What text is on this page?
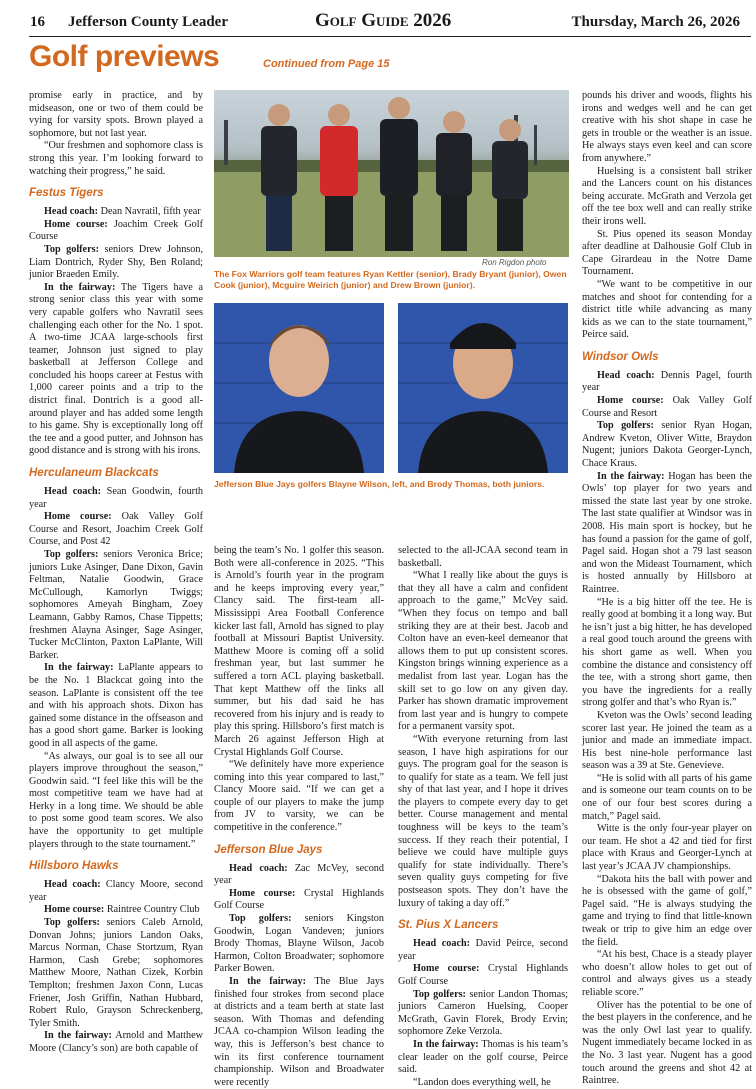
16 Jefferson County Leader	Golf Guide 2026	Thursday, March 26, 2026
Golf previews	Continued from Page 15

promise early in practice, and by midseason, one or two of them could be vying for varsity spots. Brown played a sophomore, but not last year.

“Our freshmen and sophomore class is strong this year. I’m looking forward to watching their progress,” he said.

Festus Tigers

Head coach: Dean Navratil, fifth year

Home course: Joachim Creek Golf Course

Top golfers: seniors Drew Johnson, Liam Dontrich, Ryder Shy, Ben Roland; junior Braeden Emily.

In the fairway: The Tigers have a strong senior class this year with some very capable golfers who Navratil sees challenging each other for the No. 1 spot. A two-time JCAA large-schools first teamer, Johnson just signed to play basketball at Jefferson College and concluded his hoops career at Festus with 1,000 career points and a trip to the district final. Dontrich is a good all-around player and has added some length to his game. Shy is exceptionally long off the tee and a good putter, and Johnson has good distance and is strong with his irons.

Herculaneum Blackcats

Head coach: Sean Goodwin, fourth year

Home course: Oak Valley Golf Course and Resort, Joachim Creek Golf Course, and Post 42

Top golfers: seniors Veronica Brice; juniors Luke Asinger, Dane Dixon, Gavin Feltman, Natalie Goodwin, Grace McCullough, Kamorlyn Twiggs; sophomores Ameyah Bingham, Zoey Leamann, Gabby Ramos, Chase Tippetts; freshmen Alayna Asinger, Sage Asinger, Tucker McClinton, Paxton LaPlante, Will Barker.

In the fairway: LaPlante appears to be the No. 1 Blackcat going into the season. LaPlante is consistent off the tee and with his approach shots. Dixon has gained some distance in the offseason and has a good short game. Barker is looking good in all aspects of the game.

“As always, our goal is to see all our players improve throughout the season,” Goodwin said. “I feel like this will be the most competitive team we have had at Herky in a long time. We should be able to post some good team scores. We also have the opportunity to get multiple players through to the state tournament.”

Hillsboro Hawks

Head coach: Clancy Moore, second year

Home course: Raintree Country Club

Top golfers: seniors Caleb Arnold, Donvan Johns; juniors Landon Oaks, Marcus Norman, Chase Stortzum, Ryan Harmon, Cash Grebe; sophomores Matthew Moore, Nathan Cizek, Korbin Templton; freshmen Jaxon Conn, Lucas Friener, Josh Griffin, Nathan Hubbard, Robert Rulo, Grayson Schreckenberg, Tyler Smith.

In the fairway: Arnold and Matthew Moore (Clancy’s son) are both capable of

Ron Rigdon photo
The Fox Warriors golf team features Ryan Kettler (senior), Brady Bryant (junior), Owen Cook (junior), Mcguire Weirich (junior) and Drew Brown (junior).
Jefferson Blue Jays golfers Blayne Wilson, left, and Brody Thomas, both juniors.

being the team’s No. 1 golfer this season. Both were all-conference in 2025. “This is Arnold’s fourth year in the program and he keeps improving every year,” Clancy said. The first-team all-Mississippi Area Football Conference kicker last fall, Arnold has signed to play football at Missouri Baptist University. Matthew Moore is coming off a solid freshman year, but last summer he suffered a torn ACL playing basketball. That kept Matthew off the links all summer, but his dad said he has recovered from his injury and is ready to play this spring. Hillsboro’s first match is March 26 against Jefferson High at Crystal Highlands Golf Course.

“We definitely have more experience coming into this year compared to last,” Clancy Moore said. “If we can get a couple of our players to make the jump from JV to varsity, we can be competitive in the conference.”

Jefferson Blue Jays

Head coach: Zac McVey, second year

Home course: Crystal Highlands Golf Course

Top golfers: seniors Kingston Goodwin, Logan Vandeven; juniors Brody Thomas, Blayne Wilson, Jacob Harmon, Colton Broadwater; sophomore Parker Bowen.

In the fairway: The Blue Jays finished four strokes from second place at districts and a team berth at state last season. With Thomas and defending JCAA co-champion Wilson leading the way, this is Jefferson’s best chance to win its first conference tournament championship. Wilson and Broadwater were recently

selected to the all-JCAA second team in basketball.

“What I really like about the guys is that they all have a calm and confident approach to the game,” McVey said. “When they focus on tempo and ball striking they are at their best. Jacob and Colton have an even-keel demeanor that allows them to put up consistent scores. Kingston brings winning experience as a medalist from last year. Logan has the skill set to go low on any given day. Parker has shown dramatic improvement from last year and is hungry to compete for a permanent varsity spot.

“With everyone returning from last season, I have high aspirations for our guys. The program goal for the season is to qualify for state as a team. We fell just shy of that last year, and I hope it drives the players to compete every day to get better. Course management and mental toughness will be keys to the team’s success. If they reach their potential, I believe we could have multiple guys qualify for state individually. There’s seven quality guys competing for five postseason spots. They don’t have the luxury of taking a day off.”

St. Pius X Lancers

Head coach: David Peirce, second year

Home course: Crystal Highlands Golf Course

Top golfers: senior Landon Thomas; juniors Cameron Huelsing, Cooper McGrath, Gavin Florek, Brody Ervin; sophomore Zeke Verzola.

In the fairway: Thomas is his team’s clear leader on the golf course, Peirce said.

“Landon does everything well, he

pounds his driver and woods, flights his irons and wedges well and he can get creative with his shot shape in case he gets in trouble or the weather is an issue. He always stays even keel and can score from anywhere.”

Huelsing is a consistent ball striker and the Lancers count on his distances being accurate. McGrath and Verzola get off the tee box well and can really strike their irons well.

St. Pius opened its season Monday after deadline at Dalhousie Golf Club in Cape Girardeau in the Notre Dame Tournament.

“We want to be competitive in our matches and shoot for contending for a district title while advancing as many kids as we can to the state tournament,” Peirce said.

Windsor Owls

Head coach: Dennis Pagel, fourth year

Home course: Oak Valley Golf Course and Resort

Top golfers: senior Ryan Hogan, Andrew Kveton, Oliver Witte, Braydon Nugent; juniors Dakota Georger-Lynch, Chace Kraus.

In the fairway: Hogan has been the Owls’ top player for two years and missed the state last year by one stroke. The last state qualifier at Windsor was in 2008. His main sport is hockey, but he has found a passion for the game of golf, Pagel said. Hogan shot a 79 last season and won the Mideast Tournament, which is hosted annually by Hillsboro at Raintree.

“He is a big hitter off the tee. He is really good at bombing it a long way. But he isn’t just a big hitter, he has developed a real good touch around the greens with his short game as well. When you combine the distance and consistency off the tee, with a strong short game, then you have the ingredients for a really strong golfer and that’s who Ryan is.”

Kveton was the Owls’ second leading scorer last year. He joined the team as a junior and made an immediate impact. His best nine-hole performance last season was a 39 at Ste. Genevieve.

“He is solid with all parts of his game and is someone our team counts on to be one of our four best scores during a match,” Pagel said.

Witte is the only four-year player on our team. He shot a 42 and tied for first place with Kraus and Georger-Lynch at last year’s JCAA JV championships.

“Dakota hits the ball with power and he is obsessed with the game of golf,” Pagel said. “He is always studying the game and trying to find that little-known tweak or trip to give him an edge over the field.

“At his best, Chace is a steady player who doesn’t allow holes to get out of control and always gives us a steady reliable score.”

Oliver has the potential to be one of the best players in the conference, and he was the only Owl last year to qualify. Nugent immediately became locked in as the No. 3 last year. Nugent has a good touch around the greens and shot 42 at Raintree.
